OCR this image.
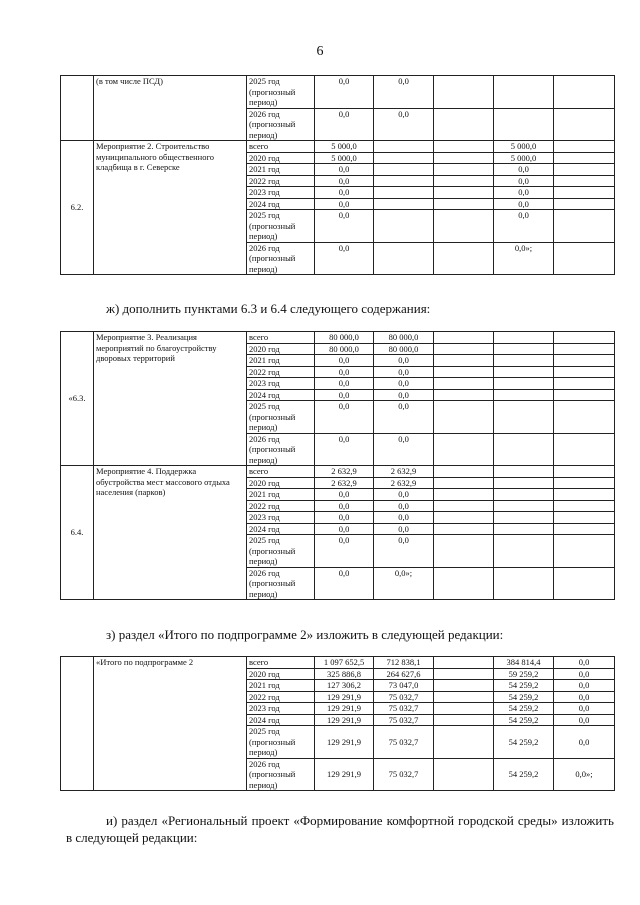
6
	(в том числе ПСД)	2025 год (прогнозный период)	0,0	0,0			
		2026 год (прогнозный период)	0,0	0,0			
6.2.	Мероприятие 2. Строительство муниципального общественного кладбища в г. Северске	всего	5 000,0			5 000,0	
		2020 год	5 000,0			5 000,0	
		2021 год	0,0			0,0	
		2022 год	0,0			0,0	
		2023 год	0,0			0,0	
		2024 год	0,0			0,0	
		2025 год (прогнозный период)	0,0			0,0	
		2026 год (прогнозный период)	0,0			0,0»;	
ж) дополнить пунктами 6.3 и 6.4 следующего содержания:
«6.3.	Мероприятие 3. Реализация мероприятий по благоустройству дворовых территорий	всего	80 000,0	80 000,0			
		2020 год	80 000,0	80 000,0			
		2021 год	0,0	0,0			
		2022 год	0,0	0,0			
		2023 год	0,0	0,0			
		2024 год	0,0	0,0			
		2025 год (прогнозный период)	0,0	0,0			
		2026 год (прогнозный период)	0,0	0,0			
6.4.	Мероприятие 4. Поддержка обустройства мест массового отдыха населения (парков)	всего	2 632,9	2 632,9			
		2020 год	2 632,9	2 632,9			
		2021 год	0,0	0,0			
		2022 год	0,0	0,0			
		2023 год	0,0	0,0			
		2024 год	0,0	0,0			
		2025 год (прогнозный период)	0,0	0,0			
		2026 год (прогнозный период)	0,0	0,0»;			
з) раздел «Итого по подпрограмме 2» изложить в следующей редакции:
	«Итого по подпрограмме 2	всего	1 097 652,5	712 838,1		384 814,4	0,0
		2020 год	325 886,8	264 627,6		59 259,2	0,0
		2021 год	127 306,2	73 047,0		54 259,2	0,0
		2022 год	129 291,9	75 032,7		54 259,2	0,0
		2023 год	129 291,9	75 032,7		54 259,2	0,0
		2024 год	129 291,9	75 032,7		54 259,2	0,0
		2025 год (прогнозный период)	129 291,9	75 032,7		54 259,2	0,0
		2026 год (прогнозный период)	129 291,9	75 032,7		54 259,2	0,0»;
и) раздел «Региональный проект «Формирование комфортной городской среды» изложить в следующей редакции:
